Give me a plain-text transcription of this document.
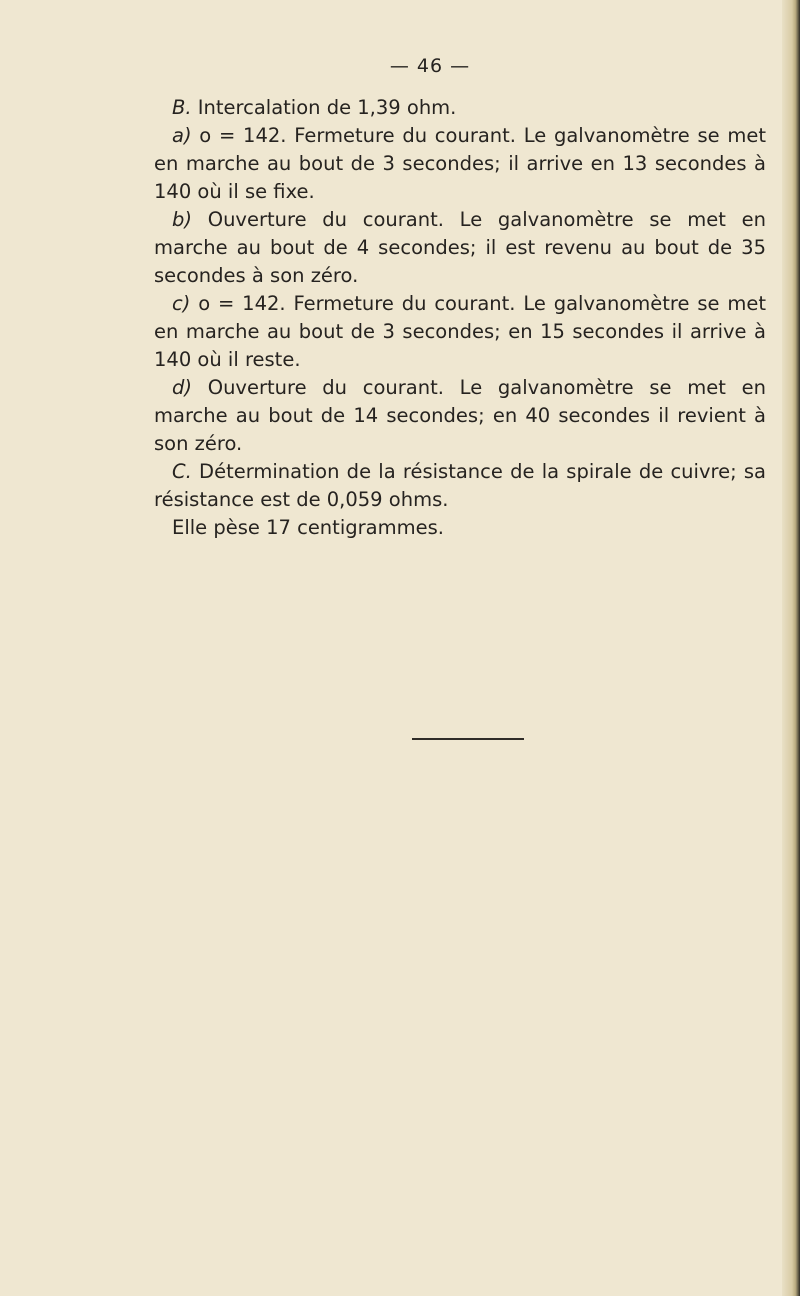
— 46 —

B. Intercalation de 1,39 ohm.

a) o = 142. Fermeture du courant. Le galvanomètre se met en marche au bout de 3 secondes; il arrive en 13 secondes à 140 où il se fixe.

b) Ouverture du courant. Le galvanomètre se met en marche au bout de 4 secondes; il est revenu au bout de 35 secondes à son zéro.

c) o = 142. Fermeture du courant. Le galvanomètre se met en marche au bout de 3 secondes; en 15 secondes il arrive à 140 où il reste.

d) Ouverture du courant. Le galvanomètre se met en marche au bout de 14 secondes; en 40 secondes il revient à son zéro.

C. Détermination de la résistance de la spirale de cuivre; sa résistance est de 0,059 ohms.

Elle pèse 17 centigrammes.
